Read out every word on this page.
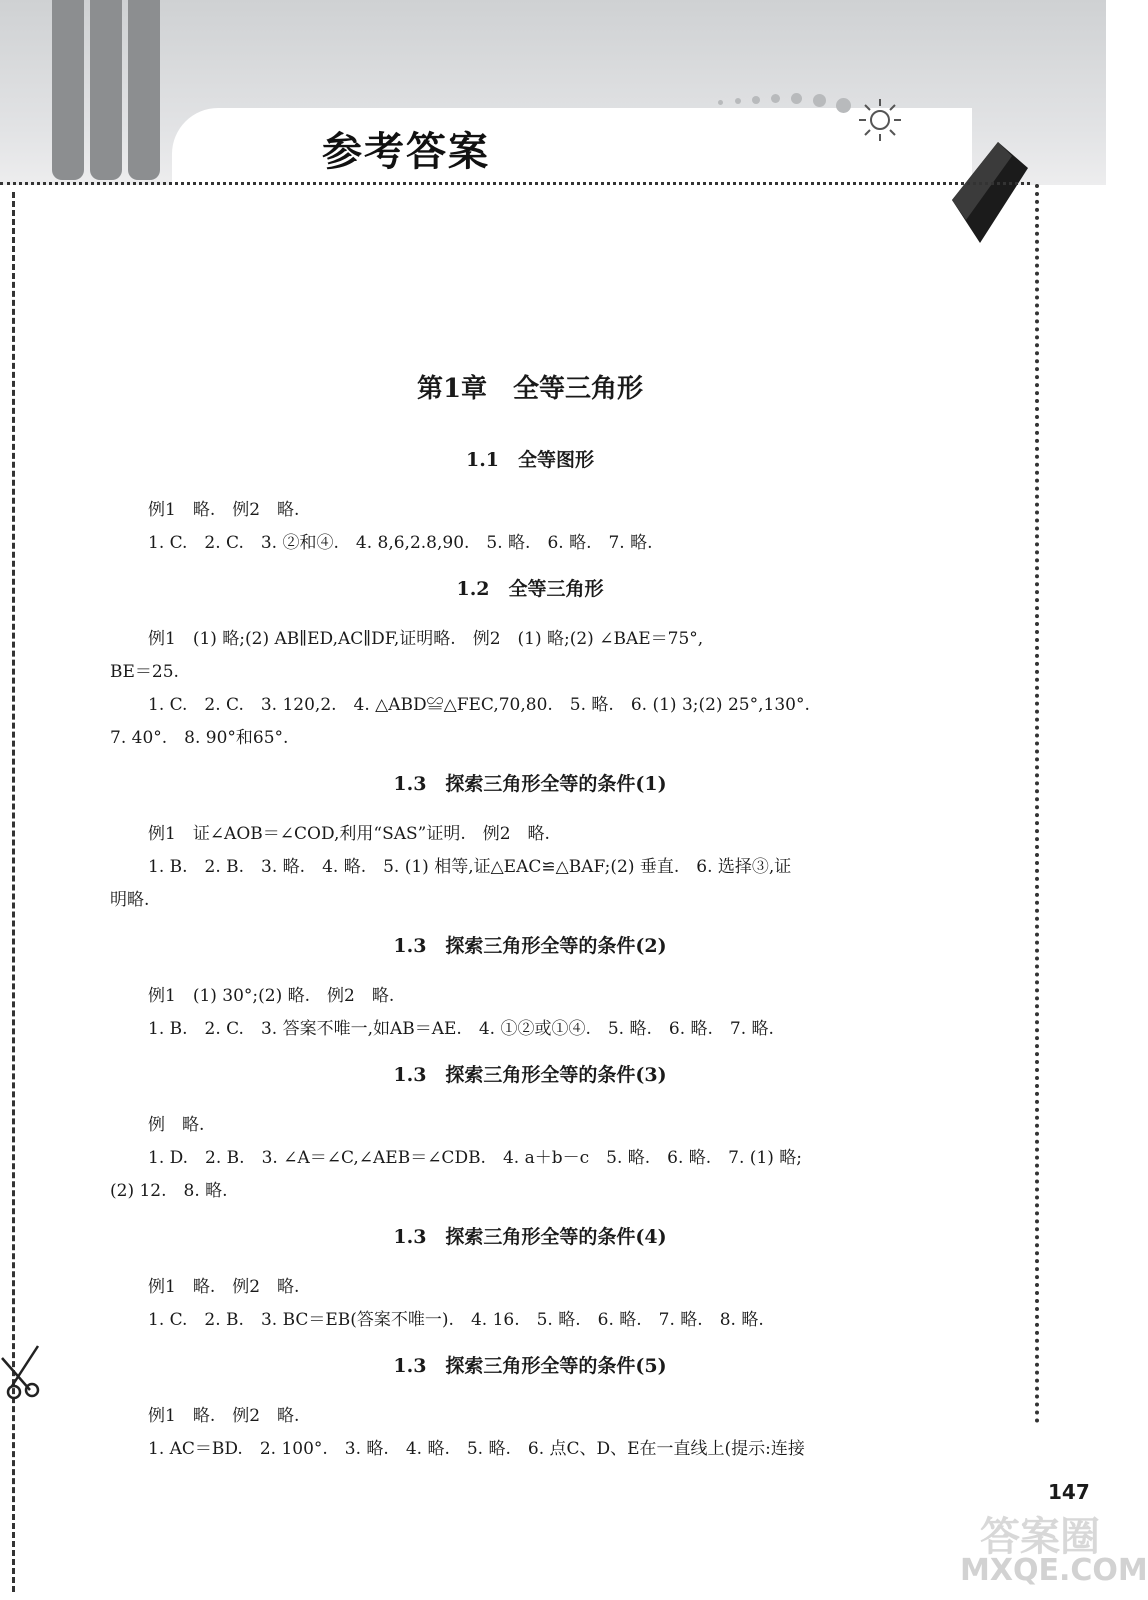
参考答案
第1章　全等三角形
1.1　全等图形

例1　略.　例2　略.

1. C.　2. C.　3. ②和④.　4. 8,6,2.8,90.　5. 略.　6. 略.　7. 略.

1.2　全等三角形

例1　(1) 略;(2) AB∥ED,AC∥DF,证明略.　例2　(1) 略;(2) ∠BAE＝75°,

BE＝25.

1. C.　2. C.　3. 120,2.　4. △ABD≌△FEC,70,80.　5. 略.　6. (1) 3;(2) 25°,130°.

7. 40°.　8. 90°和65°.

1.3　探索三角形全等的条件(1)

例1　证∠AOB＝∠COD,利用“SAS”证明.　例2　略.

1. B.　2. B.　3. 略.　4. 略.　5. (1) 相等,证△EAC≌△BAF;(2) 垂直.　6. 选择③,证

明略.

1.3　探索三角形全等的条件(2)

例1　(1) 30°;(2) 略.　例2　略.

1. B.　2. C.　3. 答案不唯一,如AB＝AE.　4. ①②或①④.　5. 略.　6. 略.　7. 略.

1.3　探索三角形全等的条件(3)

例　略.

1. D.　2. B.　3. ∠A＝∠C,∠AEB＝∠CDB.　4. a＋b－c　5. 略.　6. 略.　7. (1) 略;

(2) 12.　8. 略.

1.3　探索三角形全等的条件(4)

例1　略.　例2　略.

1. C.　2. B.　3. BC＝EB(答案不唯一).　4. 16.　5. 略.　6. 略.　7. 略.　8. 略.

1.3　探索三角形全等的条件(5)

例1　略.　例2　略.

1. AC＝BD.　2. 100°.　3. 略.　4. 略.　5. 略.　6. 点C、D、E在一直线上(提示:连接

147
答案圈
MXQE.COM
